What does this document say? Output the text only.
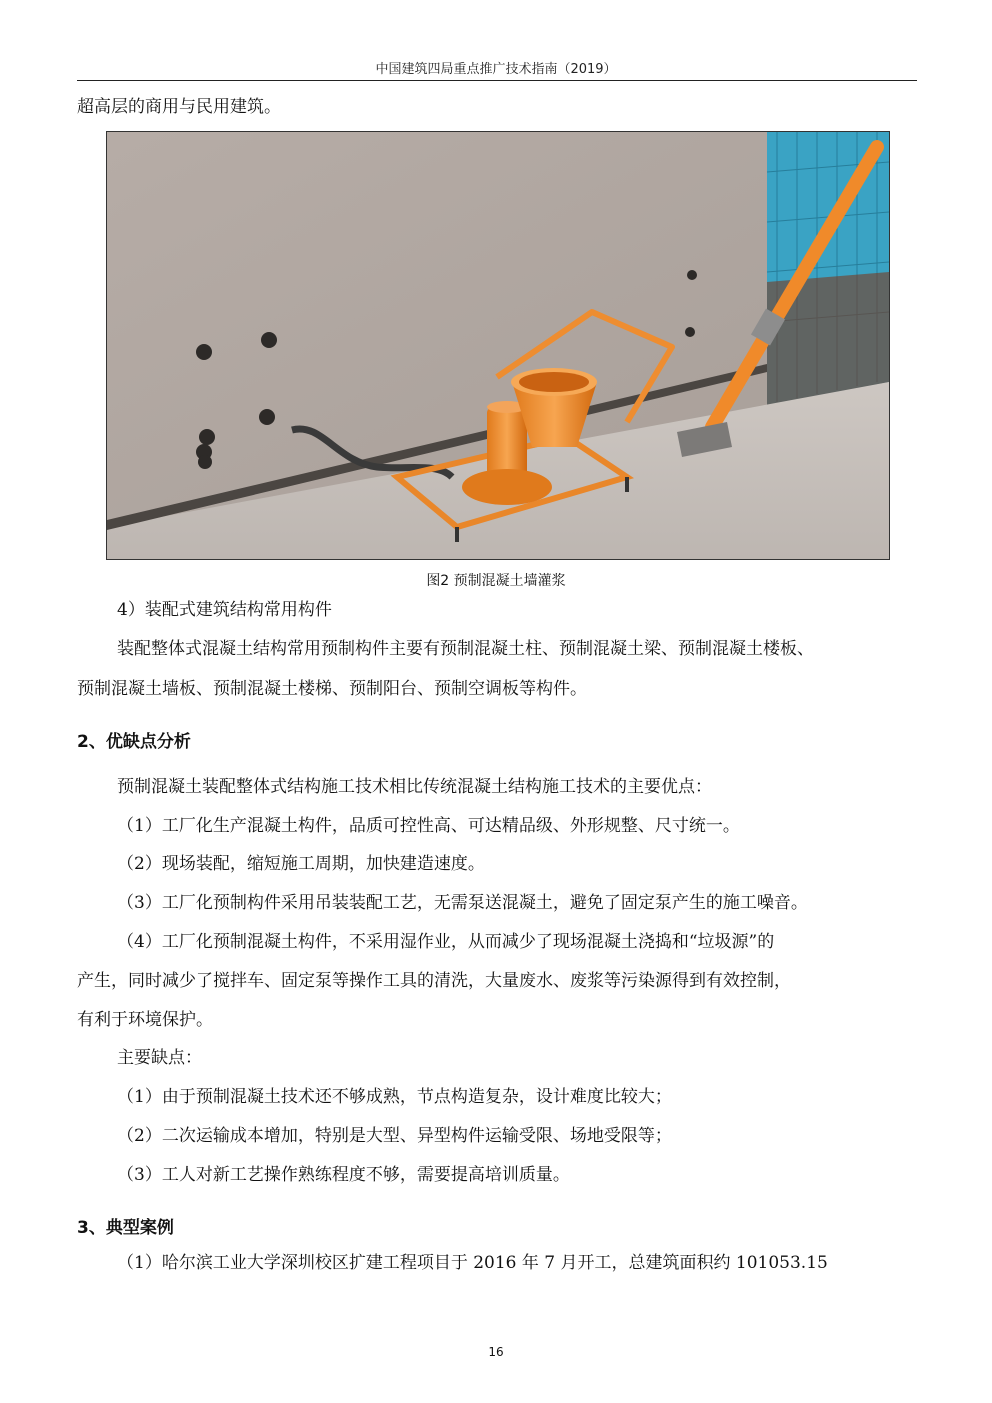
中国建筑四局重点推广技术指南（2019）
超高层的商用与民用建筑。
图2 预制混凝土墙灌浆
4）装配式建筑结构常用构件
装配整体式混凝土结构常用预制构件主要有预制混凝土柱、预制混凝土梁、预制混凝土楼板、
预制混凝土墙板、预制混凝土楼梯、预制阳台、预制空调板等构件。
2、优缺点分析
预制混凝土装配整体式结构施工技术相比传统混凝土结构施工技术的主要优点：
（1）工厂化生产混凝土构件，品质可控性高、可达精品级、外形规整、尺寸统一。
（2）现场装配，缩短施工周期，加快建造速度。
（3）工厂化预制构件采用吊装装配工艺，无需泵送混凝土，避免了固定泵产生的施工噪音。
（4）工厂化预制混凝土构件，不采用湿作业，从而减少了现场混凝土浇捣和“垃圾源”的
产生，同时减少了搅拌车、固定泵等操作工具的清洗，大量废水、废浆等污染源得到有效控制，
有利于环境保护。
主要缺点：
（1）由于预制混凝土技术还不够成熟，节点构造复杂，设计难度比较大；
（2）二次运输成本增加，特别是大型、异型构件运输受限、场地受限等；
（3）工人对新工艺操作熟练程度不够，需要提高培训质量。
3、典型案例
（1）哈尔滨工业大学深圳校区扩建工程项目于 2016 年 7 月开工，总建筑面积约 101053.15
16
